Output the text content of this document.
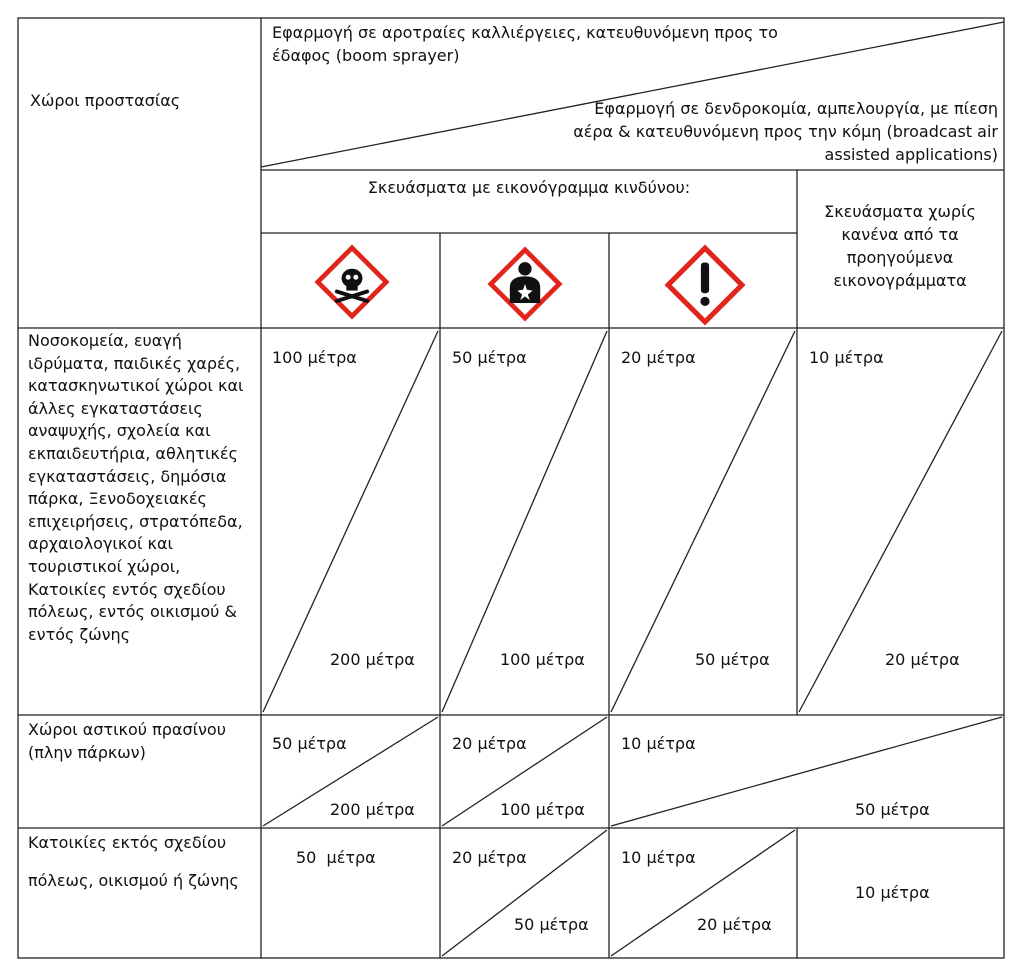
Χώροι προστασίας
Εφαρμογή σε αροτραίες καλλιέργειες, κατευθυνόμενη προς το έδαφος (boom sprayer)
Εφαρμογή σε δενδροκομία, αμπελουργία, με πίεση αέρα & κατευθυνόμενη προς την κόμη (broadcast air assisted applications)
Σκευάσματα με εικονόγραμμα κινδύνου:
Σκευάσματα χωρίς κανένα από τα προηγούμενα εικονογράμματα
Νοσοκομεία, ευαγή ιδρύματα, παιδικές χαρές, κατασκηνωτικοί χώροι και άλλες εγκαταστάσεις αναψυχής, σχολεία και εκπαιδευτήρια, αθλητικές εγκαταστάσεις, δημόσια πάρκα, Ξενοδοχειακές επιχειρήσεις, στρατόπεδα, αρχαιολογικοί και τουριστικοί χώροι, Κατοικίες εντός σχεδίου πόλεως, εντός οικισμού & εντός ζώνης
100 μέτρα
200 μέτρα
50 μέτρα
100 μέτρα
20 μέτρα
50 μέτρα
10 μέτρα
20 μέτρα
Χώροι αστικού πρασίνου (πλην πάρκων)	50 μέτρα
200 μέτρα
20 μέτρα
100 μέτρα
10 μέτρα
50 μέτρα
Κατοικίες εκτός σχεδίου
πόλεως, οικισμού ή ζώνης
50  μέτρα	20 μέτρα
50 μέτρα
10 μέτρα
20 μέτρα
10 μέτρα
